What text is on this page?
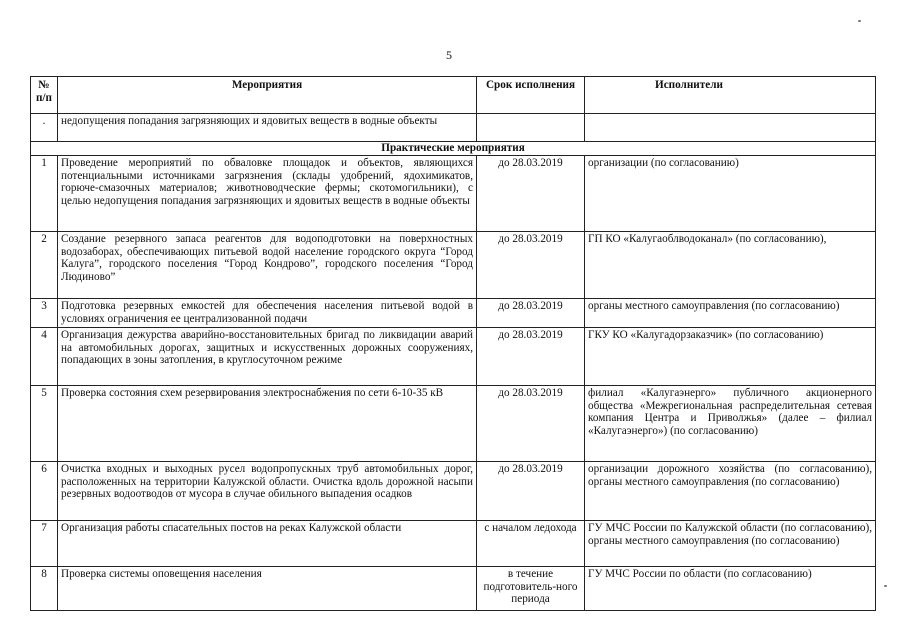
5
№ п/п	Мероприятия	Срок исполнения	Исполнители
.	недопущения попадания загрязняющих и ядовитых веществ в водные объекты		
Практические мероприятия			
1	Проведение мероприятий по обваловке площадок и объектов, являющихся потенциальными источниками загрязнения (склады удобрений, ядохимикатов, горюче-смазочных материалов; животноводческие фермы; скотомогильники), с целью недопущения попадания загрязняющих и ядовитых веществ в водные объекты	до 28.03.2019	организации (по согласованию)
2	Создание резервного запаса реагентов для водоподготовки на поверхностных водозаборах, обеспечивающих питьевой водой население городского округа “Город Калуга”, городского поселения “Город Кондрово”, городского поселения “Город Людиново”	до 28.03.2019	ГП КО «Калугаоблводоканал» (по согласованию),
3	Подготовка резервных емкостей для обеспечения населения питьевой водой в условиях ограничения ее централизованной подачи	до 28.03.2019	органы местного самоуправления (по согласованию)
4	Организация дежурства аварийно-восстановительных бригад по ликвидации аварий на автомобильных дорогах, защитных и искусственных дорожных сооружениях, попадающих в зоны затопления, в круглосуточном режиме	до 28.03.2019	ГКУ КО «Калугадорзаказчик» (по согласованию)
5	Проверка состояния схем резервирования электроснабжения по сети 6-10-35 кВ	до 28.03.2019	филиал «Калугаэнерго» публичного акционерного общества «Межрегиональная распределительная сетевая компания Центра и Приволжья» (далее – филиал «Калугаэнерго») (по согласованию)
6	Очистка входных и выходных русел водопропускных труб автомобильных дорог, расположенных на территории Калужской области. Очистка вдоль дорожной насыпи резервных водоотводов от мусора в случае обильного выпадения осадков	до 28.03.2019	организации дорожного хозяйства (по согласованию), органы местного самоуправления (по согласованию)
7	Организация работы спасательных постов на реках Калужской области	с началом ледохода	ГУ МЧС России по Калужской области (по согласованию), органы местного самоуправления (по согласованию)
8	Проверка системы оповещения населения	в течение подготовитель-ного периода	ГУ МЧС России по области (по согласованию)
